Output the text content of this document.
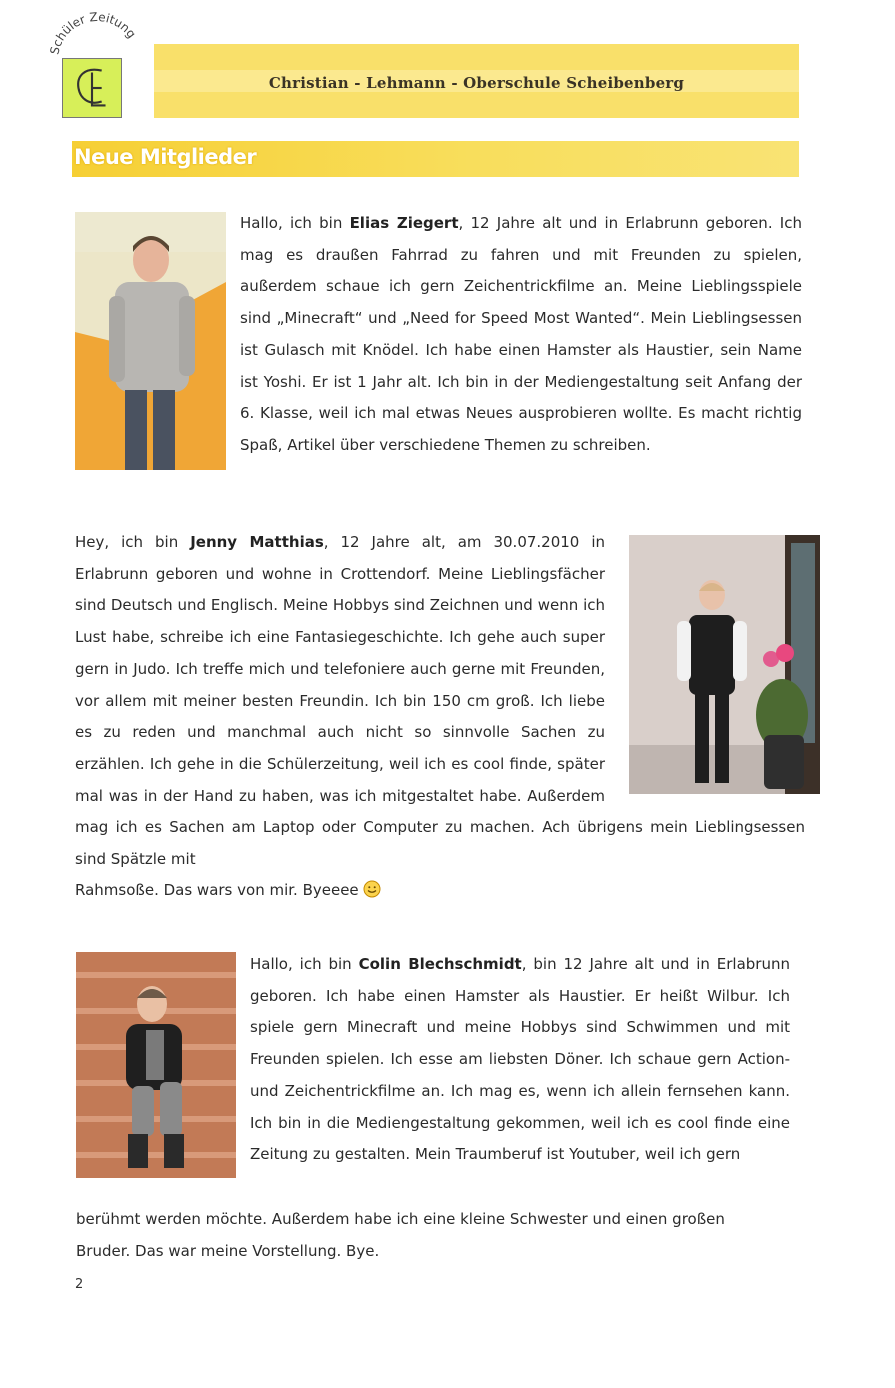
Schüler Zeitung
Christian - Lehmann - Oberschule Scheibenberg
Neue Mitglieder

Hallo, ich bin Elias Ziegert, 12 Jahre alt und in Erlabrunn geboren. Ich mag es draußen Fahrrad zu fahren und mit Freunden zu spielen, außerdem schaue ich gern Zeichentrickfilme an. Meine Lieblingsspiele sind „Minecraft“ und „Need for Speed Most Wanted“. Mein Lieblingsessen ist Gulasch mit Knödel. Ich habe einen Hamster als Haustier, sein Name ist Yoshi. Er ist 1 Jahr alt. Ich bin in der Mediengestaltung seit Anfang der 6. Klasse, weil ich mal etwas Neues ausprobieren wollte. Es macht richtig Spaß, Artikel über verschiedene Themen zu schreiben.

Hey, ich bin Jenny Matthias, 12 Jahre alt, am 30.07.2010 in Erlabrunn geboren und wohne in Crottendorf. Meine Lieblingsfächer sind Deutsch und Englisch. Meine Hobbys sind Zeichnen und wenn ich Lust habe, schreibe ich eine Fantasiegeschichte. Ich gehe auch super gern in Judo. Ich treffe mich und telefoniere auch gerne mit Freunden, vor allem mit meiner besten Freundin. Ich bin 150 cm groß. Ich liebe es zu reden und manchmal auch nicht so sinnvolle Sachen zu erzählen. Ich gehe in die Schülerzeitung, weil ich es cool finde, später mal was in der Hand zu haben, was ich mitgestaltet habe. Außerdem mag ich es Sachen am Laptop oder Computer zu machen. Ach übrigens mein Lieblingsessen sind Spätzle mit

Rahmsoße. Das wars von mir. Byeeee

Hallo, ich bin Colin Blechschmidt, bin 12 Jahre alt und in Erlabrunn geboren. Ich habe einen Hamster als Haustier. Er heißt Wilbur. Ich spiele gern Minecraft und meine Hobbys sind Schwimmen und mit Freunden spielen. Ich esse am liebsten Döner. Ich schaue gern Action- und Zeichentrickfilme an. Ich mag es, wenn ich allein fernsehen kann. Ich bin in die Mediengestaltung gekommen, weil ich es cool finde eine Zeitung zu gestalten. Mein Traumberuf ist Youtuber, weil ich gern

berühmt werden möchte. Außerdem habe ich eine kleine Schwester und einen großen

Bruder. Das war meine Vorstellung. Bye.

2
